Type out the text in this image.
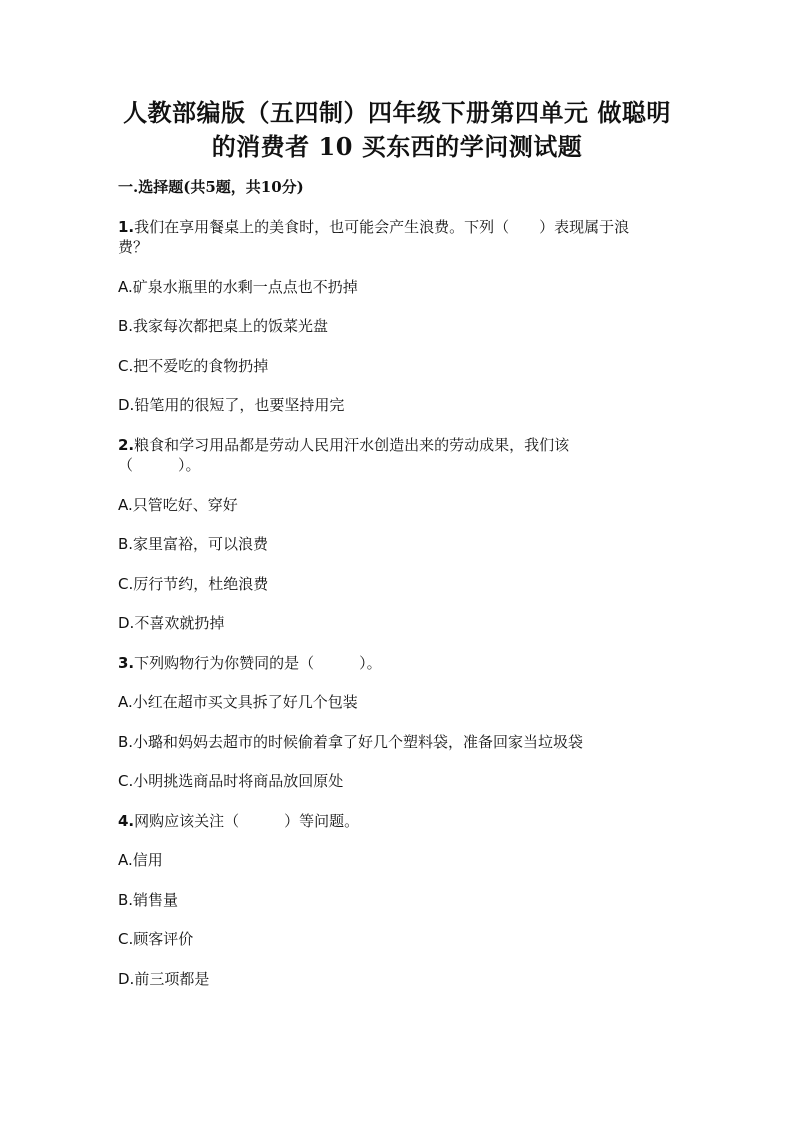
人教部编版（五四制）四年级下册第四单元 做聪明
的消费者 10 买东西的学问测试题
一.选择题(共5题，共10分)
1.我们在享用餐桌上的美食时，也可能会产生浪费。下列（　　）表现属于浪
费？
A.矿泉水瓶里的水剩一点点也不扔掉
B.我家每次都把桌上的饭菜光盘
C.把不爱吃的食物扔掉
D.铅笔用的很短了，也要坚持用完
2.粮食和学习用品都是劳动人民用汗水创造出来的劳动成果，我们该
（　　　）。
A.只管吃好、穿好
B.家里富裕，可以浪费
C.厉行节约，杜绝浪费
D.不喜欢就扔掉
3.下列购物行为你赞同的是（　　　）。
A.小红在超市买文具拆了好几个包装
B.小璐和妈妈去超市的时候偷着拿了好几个塑料袋，准备回家当垃圾袋
C.小明挑选商品时将商品放回原处
4.网购应该关注（　　　）等问题。
A.信用
B.销售量
C.顾客评价
D.前三项都是
